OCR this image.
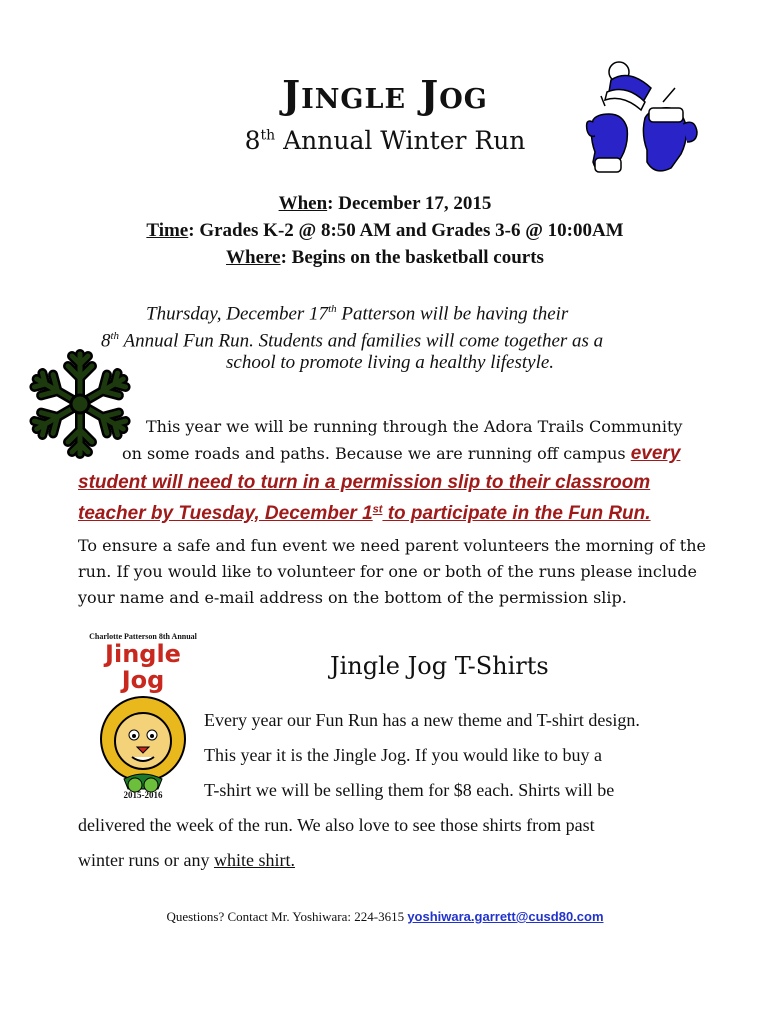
Jingle Jog
8th Annual Winter Run
When: December 17, 2015
Time: Grades K-2 @ 8:50 AM and Grades 3-6 @ 10:00AM
Where: Begins on the basketball courts
Thursday, December 17th Patterson will be having their
8th Annual Fun Run. Students and families will come together as a
school to promote living a healthy lifestyle.
This year we will be running through the Adora Trails Community
on some roads and paths. Because we are running off campus every
student will need to turn in a permission slip to their classroom
teacher by Tuesday, December 1st to participate in the Fun Run.
To ensure a safe and fun event we need parent volunteers the morning of the
run. If you would like to volunteer for one or both of the runs please include
your name and e-mail address on the bottom of the permission slip.
Charlotte Patterson 8th Annual
Jingle Jog
2015-2016
Jingle Jog T-Shirts
Every year our Fun Run has a new theme and T-shirt design.
This year it is the Jingle Jog. If you would like to buy a
T-shirt we will be selling them for $8 each. Shirts will be
delivered the week of the run. We also love to see those shirts from past
winter runs or any white shirt.
Questions? Contact Mr. Yoshiwara: 224-3615 yoshiwara.garrett@cusd80.com
